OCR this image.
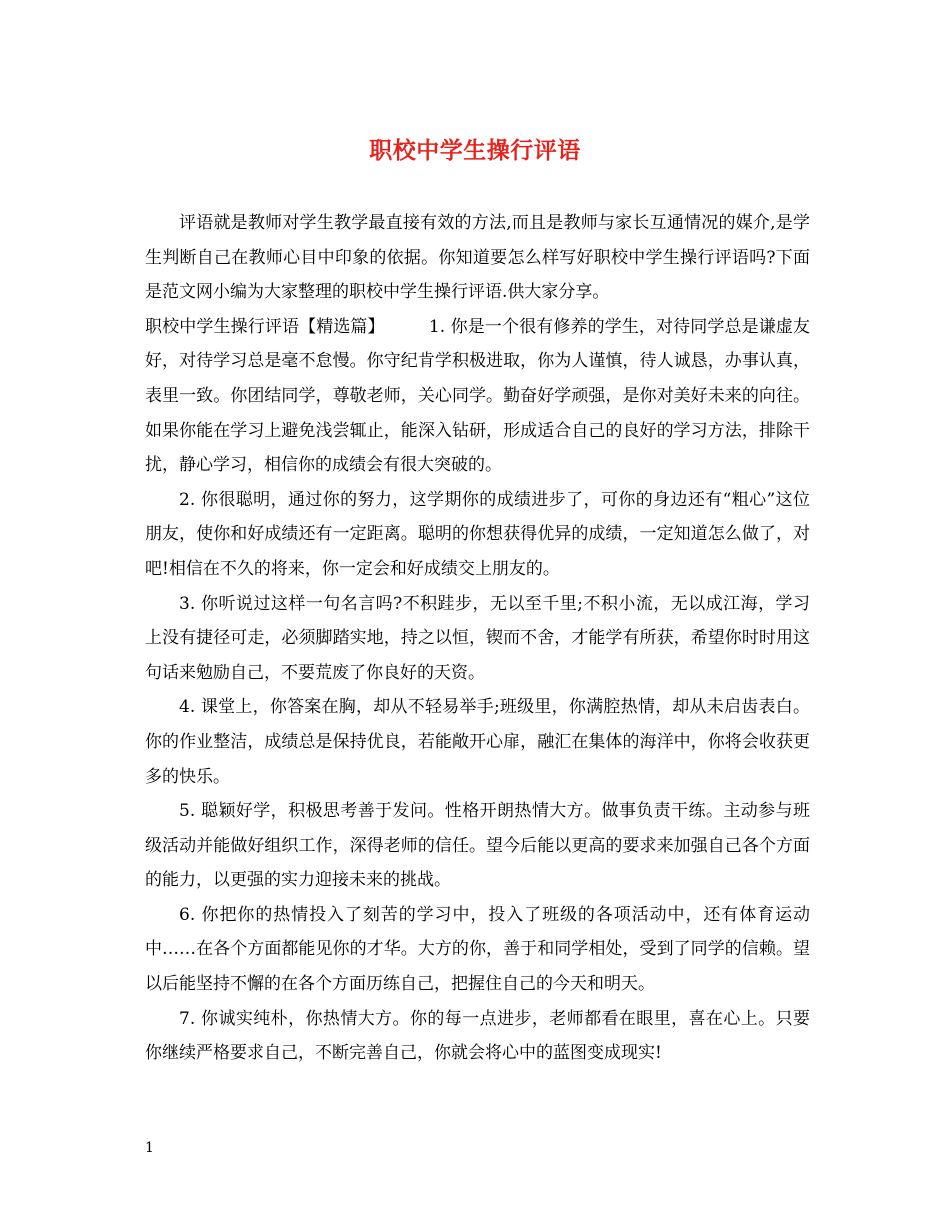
职校中学生操行评语

评语就是教师对学生教学最直接有效的方法,而且是教师与家长互通情况的媒介,是学生判断自己在教师心目中印象的依据。你知道要怎么样写好职校中学生操行评语吗?下面是范文网小编为大家整理的职校中学生操行评语.供大家分享。

职校中学生操行评语【精选篇】	1. 你是一个很有修养的学生，对待同学总是谦虚友好，对待学习总是毫不怠慢。你守纪肯学积极进取，你为人谨慎，待人诚恳，办事认真，表里一致。你团结同学，尊敬老师，关心同学。勤奋好学顽强，是你对美好未来的向往。如果你能在学习上避免浅尝辄止，能深入钻研，形成适合自己的良好的学习方法，排除干扰，静心学习，相信你的成绩会有很大突破的。

2. 你很聪明，通过你的努力，这学期你的成绩进步了，可你的身边还有“粗心”这位朋友，使你和好成绩还有一定距离。聪明的你想获得优异的成绩，一定知道怎么做了，对吧!相信在不久的将来，你一定会和好成绩交上朋友的。

3. 你听说过这样一句名言吗?不积跬步，无以至千里;不积小流，无以成江海，学习上没有捷径可走，必须脚踏实地，持之以恒，锲而不舍，才能学有所获，希望你时时用这句话来勉励自己，不要荒废了你良好的天资。

4. 课堂上，你答案在胸，却从不轻易举手;班级里，你满腔热情，却从未启齿表白。你的作业整洁，成绩总是保持优良，若能敞开心扉，融汇在集体的海洋中，你将会收获更多的快乐。

5. 聪颖好学，积极思考善于发问。性格开朗热情大方。做事负责干练。主动参与班级活动并能做好组织工作，深得老师的信任。望今后能以更高的要求来加强自己各个方面的能力，以更强的实力迎接未来的挑战。

6. 你把你的热情投入了刻苦的学习中，投入了班级的各项活动中，还有体育运动中……在各个方面都能见你的才华。大方的你，善于和同学相处，受到了同学的信赖。望以后能坚持不懈的在各个方面历练自己，把握住自己的今天和明天。

7. 你诚实纯朴，你热情大方。你的每一点进步，老师都看在眼里，喜在心上。只要你继续严格要求自己，不断完善自己，你就会将心中的蓝图变成现实!

1
